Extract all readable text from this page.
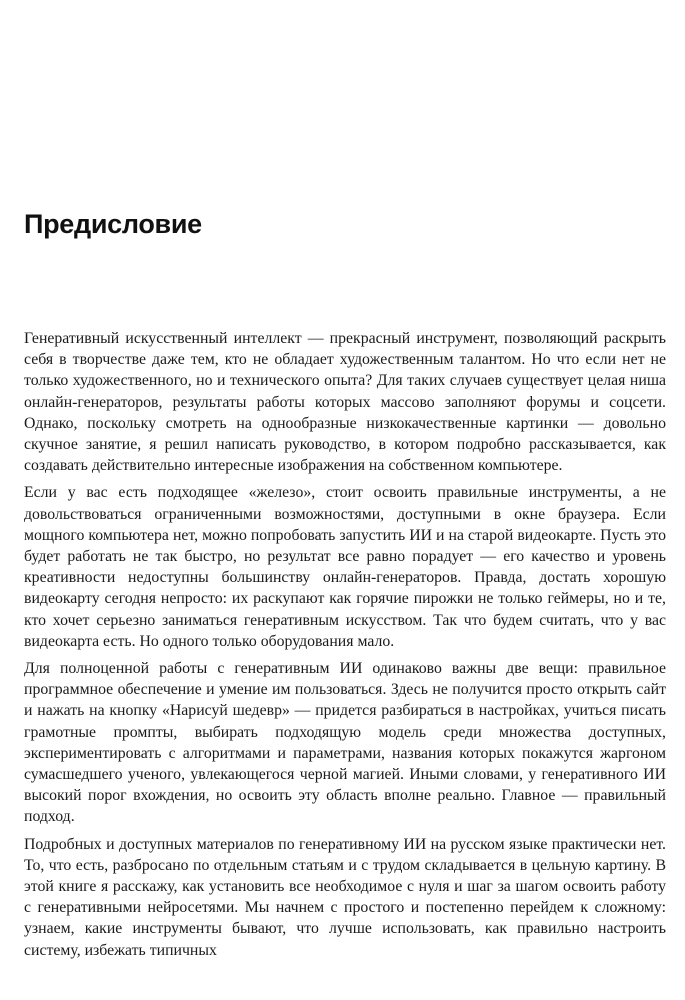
Предисловие

Генеративный искусственный интеллект — прекрасный инструмент, позволяющий раскрыть себя в творчестве даже тем, кто не обладает художественным талантом. Но что если нет не только художественного, но и технического опыта? Для таких случаев существует целая ниша онлайн-генераторов, результаты работы которых массово заполняют форумы и соцсети. Однако, поскольку смотреть на однообразные низкокачественные картинки — довольно скучное занятие, я решил написать руководство, в котором подробно рассказывается, как создавать действительно интересные изображения на собственном компьютере.

Если у вас есть подходящее «железо», стоит освоить правильные инструменты, а не довольствоваться ограниченными возможностями, доступными в окне браузера. Если мощного компьютера нет, можно попробовать запустить ИИ и на старой видеокарте. Пусть это будет работать не так быстро, но результат все равно порадует — его качество и уровень креативности недоступны большинству онлайн-генераторов. Правда, достать хорошую видеокарту сегодня непросто: их раскупают как горячие пирожки не только геймеры, но и те, кто хочет серьезно заниматься генеративным искусством. Так что будем считать, что у вас видеокарта есть. Но одного только оборудования мало.

Для полноценной работы с генеративным ИИ одинаково важны две вещи: правильное программное обеспечение и умение им пользоваться. Здесь не получится просто открыть сайт и нажать на кнопку «Нарисуй шедевр» — придется разбираться в настройках, учиться писать грамотные промпты, выбирать подходящую модель среди множества доступных, экспериментировать с алгоритмами и параметрами, названия которых покажутся жаргоном сумасшедшего ученого, увлекающегося черной магией. Иными словами, у генеративного ИИ высокий порог вхождения, но освоить эту область вполне реально. Главное — правильный подход.

Подробных и доступных материалов по генеративному ИИ на русском языке практически нет. То, что есть, разбросано по отдельным статьям и с трудом складывается в цельную картину. В этой книге я расскажу, как установить все необходимое с нуля и шаг за шагом освоить работу с генеративными нейросетями. Мы начнем с простого и постепенно перейдем к сложному: узнаем, какие инструменты бывают, что лучше использовать, как правильно настроить систему, избежать типичных
